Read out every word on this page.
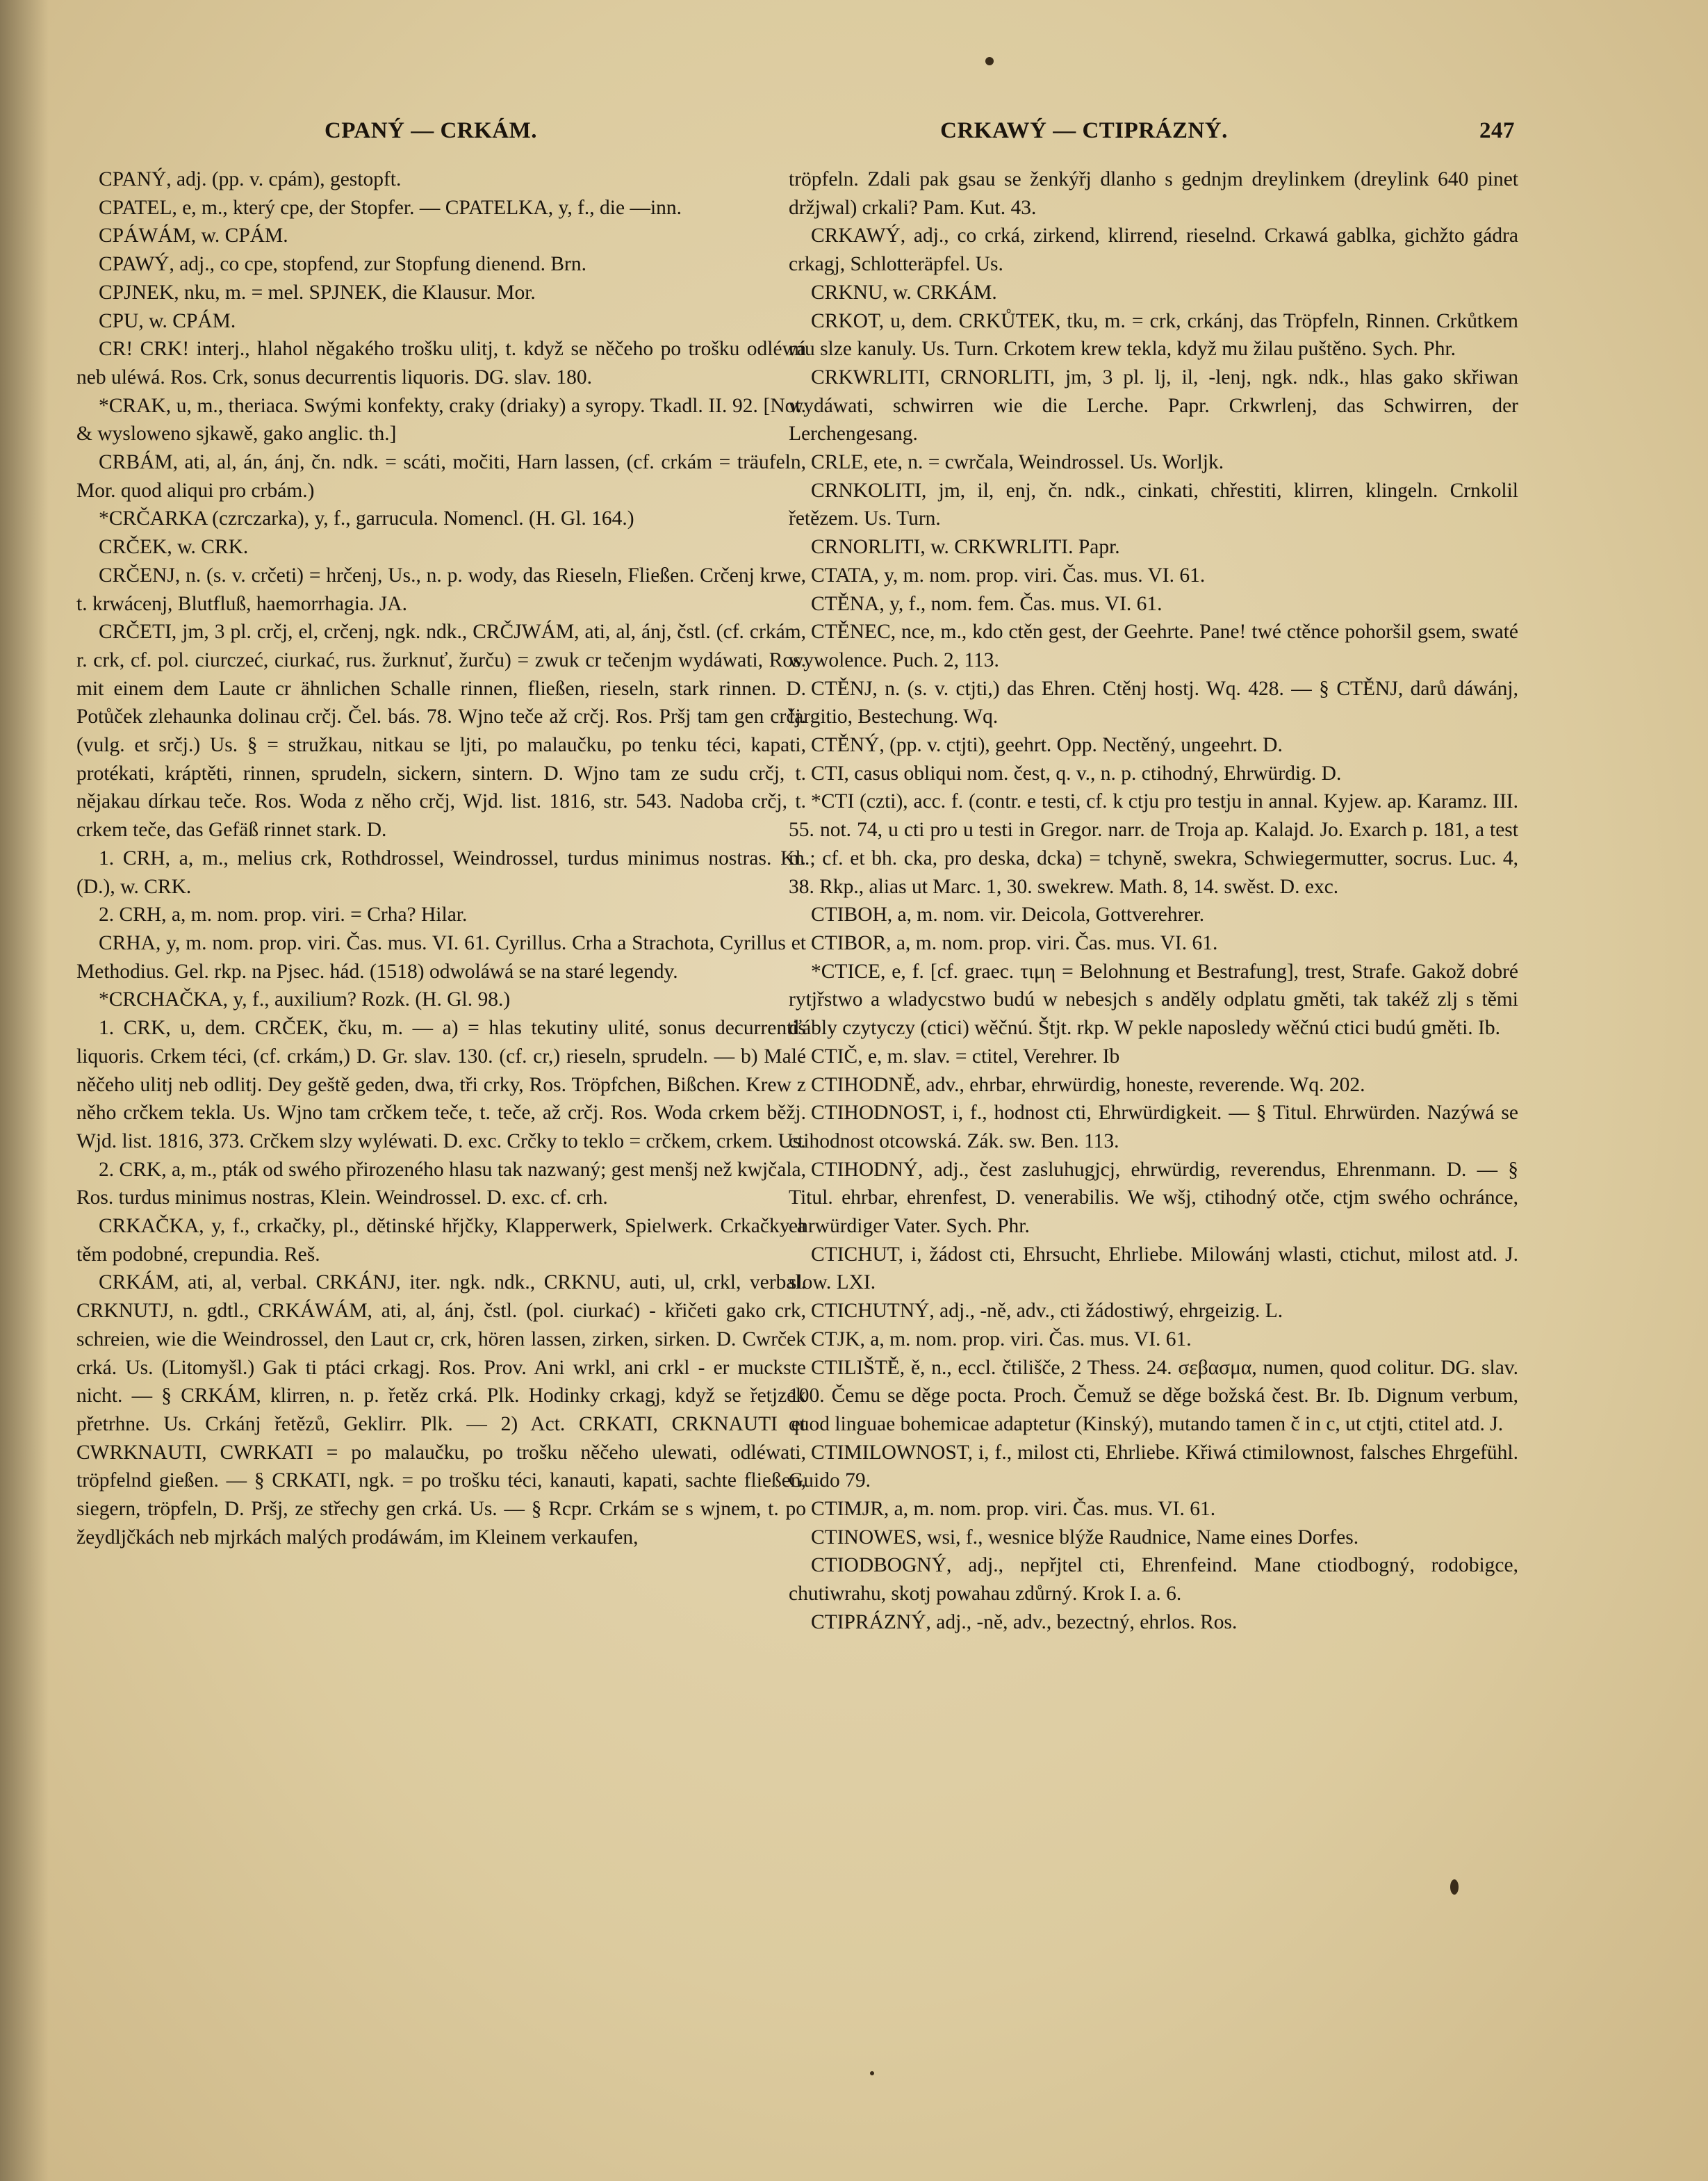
CPANÝ — CRKÁM.	CRKAWÝ — CTIPRÁZNÝ.	247

CPANÝ, adj. (pp. v. cpám), gestopft.

CPATEL, e, m., který cpe, der Stopfer. — CPATELKA, y, f., die —inn.

CPÁWÁM, w. CPÁM.

CPAWÝ, adj., co cpe, stopfend, zur Stopfung dienend. Brn.

CPJNEK, nku, m. = mel. SPJNEK, die Klausur. Mor.

CPU, w. CPÁM.

CR! CRK! interj., hlahol něgakého trošku ulitj, t. když se něčeho po trošku odléwá neb uléwá. Ros. Crk, sonus decurrentis liquoris. DG. slav. 180.

*CRAK, u, m., theriaca. Swými konfekty, craky (driaky) a syropy. Tkadl. II. 92. [Not. & wysloweno sjkawě, gako anglic. th.]

CRBÁM, ati, al, án, ánj, čn. ndk. = scáti, močiti, Harn lassen, (cf. crkám = träufeln, Mor. quod aliqui pro crbám.)

*CRČARKA (czrczarka), y, f., garrucula. Nomencl. (H. Gl. 164.)

CRČEK, w. CRK.

CRČENJ, n. (s. v. crčeti) = hrčenj, Us., n. p. wody, das Rieseln, Fließen. Crčenj krwe, t. krwácenj, Blutfluß, haemorrhagia. JA.

CRČETI, jm, 3 pl. crčj, el, crčenj, ngk. ndk., CRČJWÁM, ati, al, ánj, čstl. (cf. crkám, r. crk, cf. pol. ciurczeć, ciurkać, rus. žurknuť, žurču) = zwuk cr tečenjm wydáwati, Ros. mit einem dem Laute cr ähnlichen Schalle rinnen, fließen, rieseln, stark rinnen. D. Potůček zlehaunka dolinau crčj. Čel. bás. 78. Wjno teče až crčj. Ros. Pršj tam gen crčj. (vulg. et srčj.) Us. § = stružkau, nitkau se ljti, po malaučku, po tenku téci, kapati, protékati, kráptěti, rinnen, sprudeln, sickern, sintern. D. Wjno tam ze sudu crčj, t. nějakau dírkau teče. Ros. Woda z něho crčj, Wjd. list. 1816, str. 543. Nadoba crčj, t. crkem teče, das Gefäß rinnet stark. D.

1. CRH, a, m., melius crk, Rothdrossel, Weindrossel, turdus minimus nostras. Kl. (D.), w. CRK.

2. CRH, a, m. nom. prop. viri. = Crha? Hilar.

CRHA, y, m. nom. prop. viri. Čas. mus. VI. 61. Cyrillus. Crha a Strachota, Cyrillus et Methodius. Gel. rkp. na Pjsec. hád. (1518) odwoláwá se na staré legendy.

*CRCHAČKA, y, f., auxilium? Rozk. (H. Gl. 98.)

1. CRK, u, dem. CRČEK, čku, m. — a) = hlas tekutiny ulité, sonus decurrentis liquoris. Crkem téci, (cf. crkám,) D. Gr. slav. 130. (cf. cr,) rieseln, sprudeln. — b) Malé něčeho ulitj neb odlitj. Dey geště geden, dwa, tři crky, Ros. Tröpfchen, Bißchen. Krew z něho crčkem tekla. Us. Wjno tam crčkem teče, t. teče, až crčj. Ros. Woda crkem běžj. Wjd. list. 1816, 373. Crčkem slzy wyléwati. D. exc. Crčky to teklo = crčkem, crkem. Us.

2. CRK, a, m., pták od swého přirozeného hlasu tak nazwaný; gest menšj než kwjčala, Ros. turdus minimus nostras, Klein. Weindrossel. D. exc. cf. crh.

CRKAČKA, y, f., crkačky, pl., dětinské hřjčky, Klapperwerk, Spielwerk. Crkačky a těm podobné, crepundia. Reš.

CRKÁM, ati, al, verbal. CRKÁNJ, iter. ngk. ndk., CRKNU, auti, ul, crkl, verbal. CRKNUTJ, n. gdtl., CRKÁWÁM, ati, al, ánj, čstl. (pol. ciurkać) - křičeti gako crk, schreien, wie die Weindrossel, den Laut cr, crk, hören lassen, zirken, sirken. D. Cwrček crká. Us. (Litomyšl.) Gak ti ptáci crkagj. Ros. Prov. Ani wrkl, ani crkl - er muckste nicht. — § CRKÁM, klirren, n. p. řetěz crká. Plk. Hodinky crkagj, když se řetjzek přetrhne. Us. Crkánj řetězů, Geklirr. Plk. — 2) Act. CRKATI, CRKNAUTI et CWRKNAUTI, CWRKATI = po malaučku, po trošku něčeho ulewati, odléwati, tröpfelnd gießen. — § CRKATI, ngk. = po trošku téci, kanauti, kapati, sachte fließen, siegern, tröpfeln, D. Pršj, ze střechy gen crká. Us. — § Rcpr. Crkám se s wjnem, t. po žeydljčkách neb mjrkách malých prodáwám, im Kleinem verkaufen,

tröpfeln. Zdali pak gsau se ženkýřj dlanho s gednjm dreylinkem (dreylink 640 pinet držjwal) crkali? Pam. Kut. 43.

CRKAWÝ, adj., co crká, zirkend, klirrend, rieselnd. Crkawá gablka, gichžto gádra crkagj, Schlotteräpfel. Us.

CRKNU, w. CRKÁM.

CRKOT, u, dem. CRKŮTEK, tku, m. = crk, crkánj, das Tröpfeln, Rinnen. Crkůtkem mu slze kanuly. Us. Turn. Crkotem krew tekla, když mu žilau puštěno. Sych. Phr.

CRKWRLITI, CRNORLITI, jm, 3 pl. lj, il, -lenj, ngk. ndk., hlas gako skřiwan wydáwati, schwirren wie die Lerche. Papr. Crkwrlenj, das Schwirren, der Lerchengesang.

CRLE, ete, n. = cwrčala, Weindrossel. Us. Worljk.

CRNKOLITI, jm, il, enj, čn. ndk., cinkati, chřestiti, klirren, klingeln. Crnkolil řetězem. Us. Turn.

CRNORLITI, w. CRKWRLITI. Papr.

CTATA, y, m. nom. prop. viri. Čas. mus. VI. 61.

CTĚNA, y, f., nom. fem. Čas. mus. VI. 61.

CTĚNEC, nce, m., kdo ctěn gest, der Geehrte. Pane! twé ctěnce pohoršil gsem, swaté wywolence. Puch. 2, 113.

CTĚNJ, n. (s. v. ctjti,) das Ehren. Ctěnj hostj. Wq. 428. — § CTĚNJ, darů dáwánj, largitio, Bestechung. Wq.

CTĚNÝ, (pp. v. ctjti), geehrt. Opp. Nectěný, ungeehrt. D.

CTI, casus obliqui nom. čest, q. v., n. p. ctihodný, Ehrwürdig. D.

*CTI (czti), acc. f. (contr. e testi, cf. k ctju pro testju in annal. Kyjew. ap. Karamz. III. 55. not. 74, u cti pro u testi in Gregor. narr. de Troja ap. Kalajd. Jo. Exarch p. 181, a test m.; cf. et bh. cka, pro deska, dcka) = tchyně, swekra, Schwiegermutter, socrus. Luc. 4, 38. Rkp., alias ut Marc. 1, 30. swekrew. Math. 8, 14. swěst. D. exc.

CTIBOH, a, m. nom. vir. Deicola, Gottverehrer.

CTIBOR, a, m. nom. prop. viri. Čas. mus. VI. 61.

*CTICE, e, f. [cf. graec. τιμη = Belohnung et Bestrafung], trest, Strafe. Gakož dobré rytjřstwo a wladycstwo budú w nebesjch s anděly odplatu gměti, tak takéž zlj s těmi ďábly czytyczy (ctici) wěčnú. Štjt. rkp. W pekle naposledy wěčnú ctici budú gměti. Ib.

CTIČ, e, m. slav. = ctitel, Verehrer. Ib

CTIHODNĚ, adv., ehrbar, ehrwürdig, honeste, reverende. Wq. 202.

CTIHODNOST, i, f., hodnost cti, Ehrwürdigkeit. — § Titul. Ehrwürden. Nazýwá se ctihodnost otcowská. Zák. sw. Ben. 113.

CTIHODNÝ, adj., čest zasluhugjcj, ehrwürdig, reverendus, Ehrenmann. D. — § Titul. ehrbar, ehrenfest, D. venerabilis. We wšj, ctihodný otče, ctjm swého ochránce, ehrwürdiger Vater. Sych. Phr.

CTICHUT, i, žádost cti, Ehrsucht, Ehrliebe. Milowánj wlasti, ctichut, milost atd. J. slow. LXI.

CTICHUTNÝ, adj., -ně, adv., cti žádostiwý, ehrgeizig. L.

CTJK, a, m. nom. prop. viri. Čas. mus. VI. 61.

CTILIŠTĚ, ě, n., eccl. čtilišče, 2 Thess. 24. σεβασμα, numen, quod colitur. DG. slav. 100. Čemu se děge pocta. Proch. Čemuž se děge božská čest. Br. Ib. Dignum verbum, quod linguae bohemicae adaptetur (Kinský), mutando tamen č in c, ut ctjti, ctitel atd. J.

CTIMILOWNOST, i, f., milost cti, Ehrliebe. Křiwá ctimilownost, falsches Ehrgefühl. Guido 79.

CTIMJR, a, m. nom. prop. viri. Čas. mus. VI. 61.

CTINOWES, wsi, f., wesnice blýže Raudnice, Name eines Dorfes.

CTIODBOGNÝ, adj., nepřjtel cti, Ehrenfeind. Mane ctiodbogný, rodobigce, chutiwrahu, skotj powahau zdůrný. Krok I. a. 6.

CTIPRÁZNÝ, adj., -ně, adv., bezectný, ehrlos. Ros.
